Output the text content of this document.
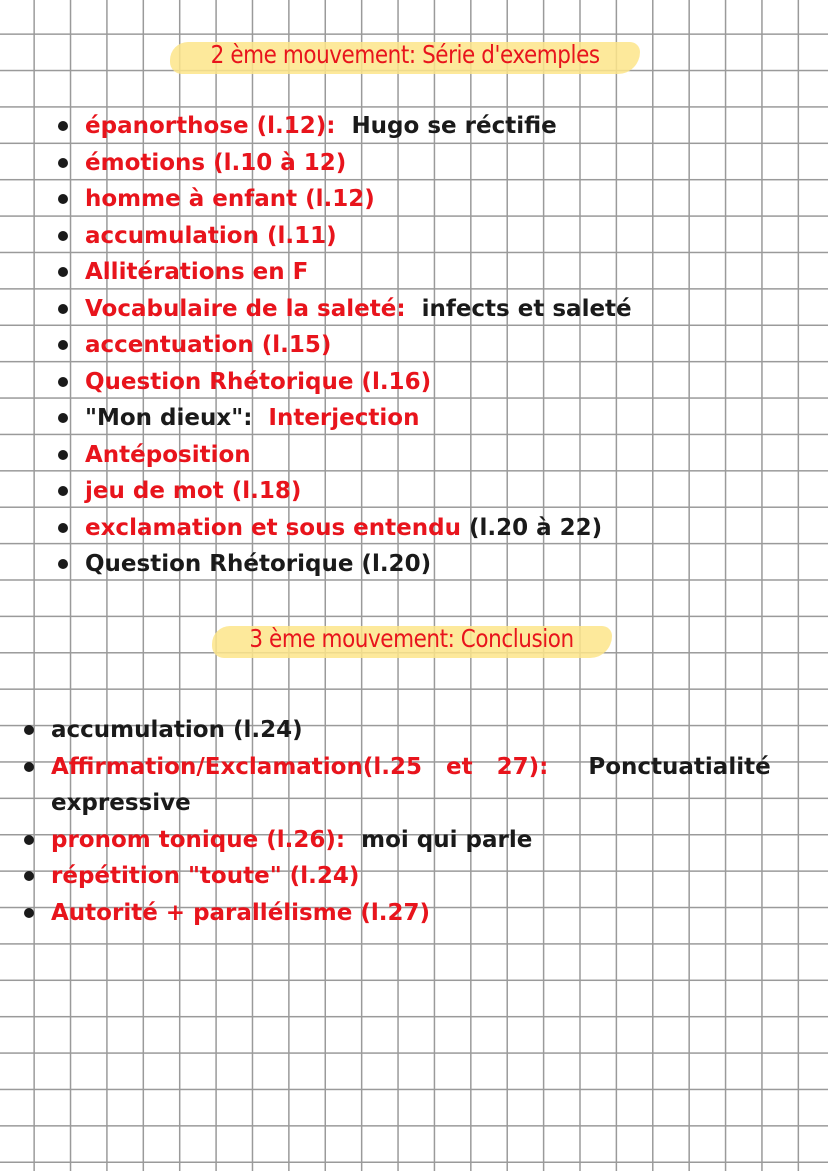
2 ème mouvement: Série d'exemples
épanorthose (l.12): Hugo se réctifie
émotions (l.10 à 12)
homme à enfant (l.12)
accumulation (l.11)
Allitérations en F
Vocabulaire de la saleté: infects et saleté
accentuation (l.15)
Question Rhétorique (l.16)
"Mon dieux": Interjection
Antéposition
jeu de mot (l.18)
exclamation et sous entendu (l.20 à 22)
Question Rhétorique (l.20)
3 ème mouvement: Conclusion
accumulation (l.24)
Affirmation/Exclamation(l.25   et   27): Ponctuatialité expressive
pronom tonique (l.26): moi qui parle
répétition "toute" (l.24)
Autorité + parallélisme (l.27)
